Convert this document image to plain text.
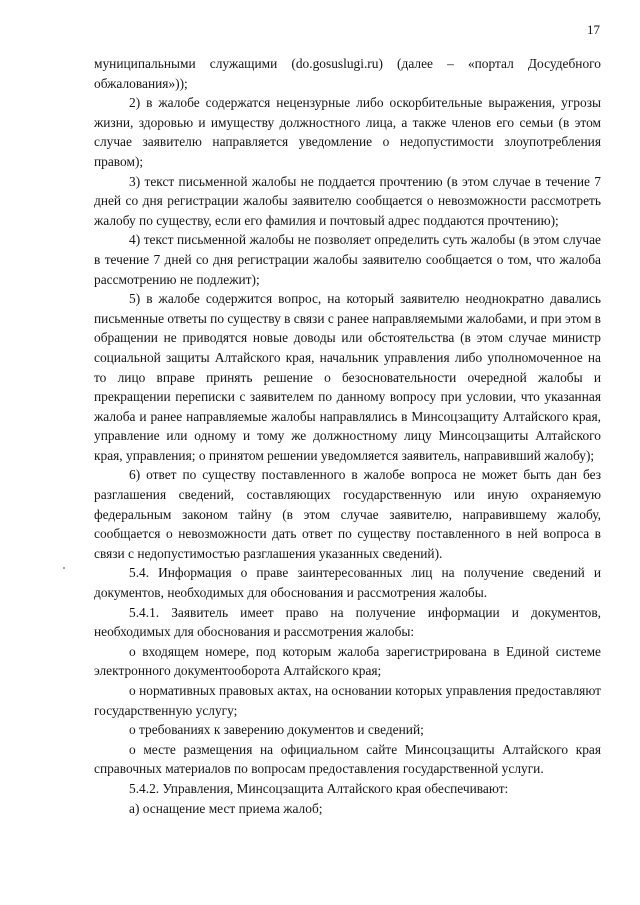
17

муниципальными служащими (do.gosuslugi.ru) (далее – «портал Досудебного обжалования»));

2) в жалобе содержатся нецензурные либо оскорбительные выражения, угрозы жизни, здоровью и имуществу должностного лица, а также членов его семьи (в этом случае заявителю направляется уведомление о недопустимости злоупотребления правом);

3) текст письменной жалобы не поддается прочтению (в этом случае в течение 7 дней со дня регистрации жалобы заявителю сообщается о невозможности рассмотреть жалобу по существу, если его фамилия и почтовый адрес поддаются прочтению);

4) текст письменной жалобы не позволяет определить суть жалобы (в этом случае в течение 7 дней со дня регистрации жалобы заявителю сообщается о том, что жалоба рассмотрению не подлежит);

5) в жалобе содержится вопрос, на который заявителю неоднократно давались письменные ответы по существу в связи с ранее направляемыми жалобами, и при этом в обращении не приводятся новые доводы или обстоятельства (в этом случае министр социальной защиты Алтайского края, начальник управления либо уполномоченное на то лицо вправе принять решение о безосновательности очередной жалобы и прекращении переписки с заявителем по данному вопросу при условии, что указанная жалоба и ранее направляемые жалобы направлялись в Минсоцзащиту Алтайского края, управление или одному и тому же должностному лицу Минсоцзащиты Алтайского края, управления; о принятом решении уведомляется заявитель, направивший жалобу);

6) ответ по существу поставленного в жалобе вопроса не может быть дан без разглашения сведений, составляющих государственную или иную охраняемую федеральным законом тайну (в этом случае заявителю, направившему жалобу, сообщается о невозможности дать ответ по существу поставленного в ней вопроса в связи с недопустимостью разглашения указанных сведений).

5.4. Информация о праве заинтересованных лиц на получение сведений и документов, необходимых для обоснования и рассмотрения жалобы.

5.4.1. Заявитель имеет право на получение информации и документов, необходимых для обоснования и рассмотрения жалобы:

о входящем номере, под которым жалоба зарегистрирована в Единой системе электронного документооборота Алтайского края;

о нормативных правовых актах, на основании которых управления предоставляют государственную услугу;

о требованиях к заверению документов и сведений;

о месте размещения на официальном сайте Минсоцзащиты Алтайского края справочных материалов по вопросам предоставления государственной услуги.

5.4.2. Управления, Минсоцзащита Алтайского края обеспечивают:

а) оснащение мест приема жалоб;
